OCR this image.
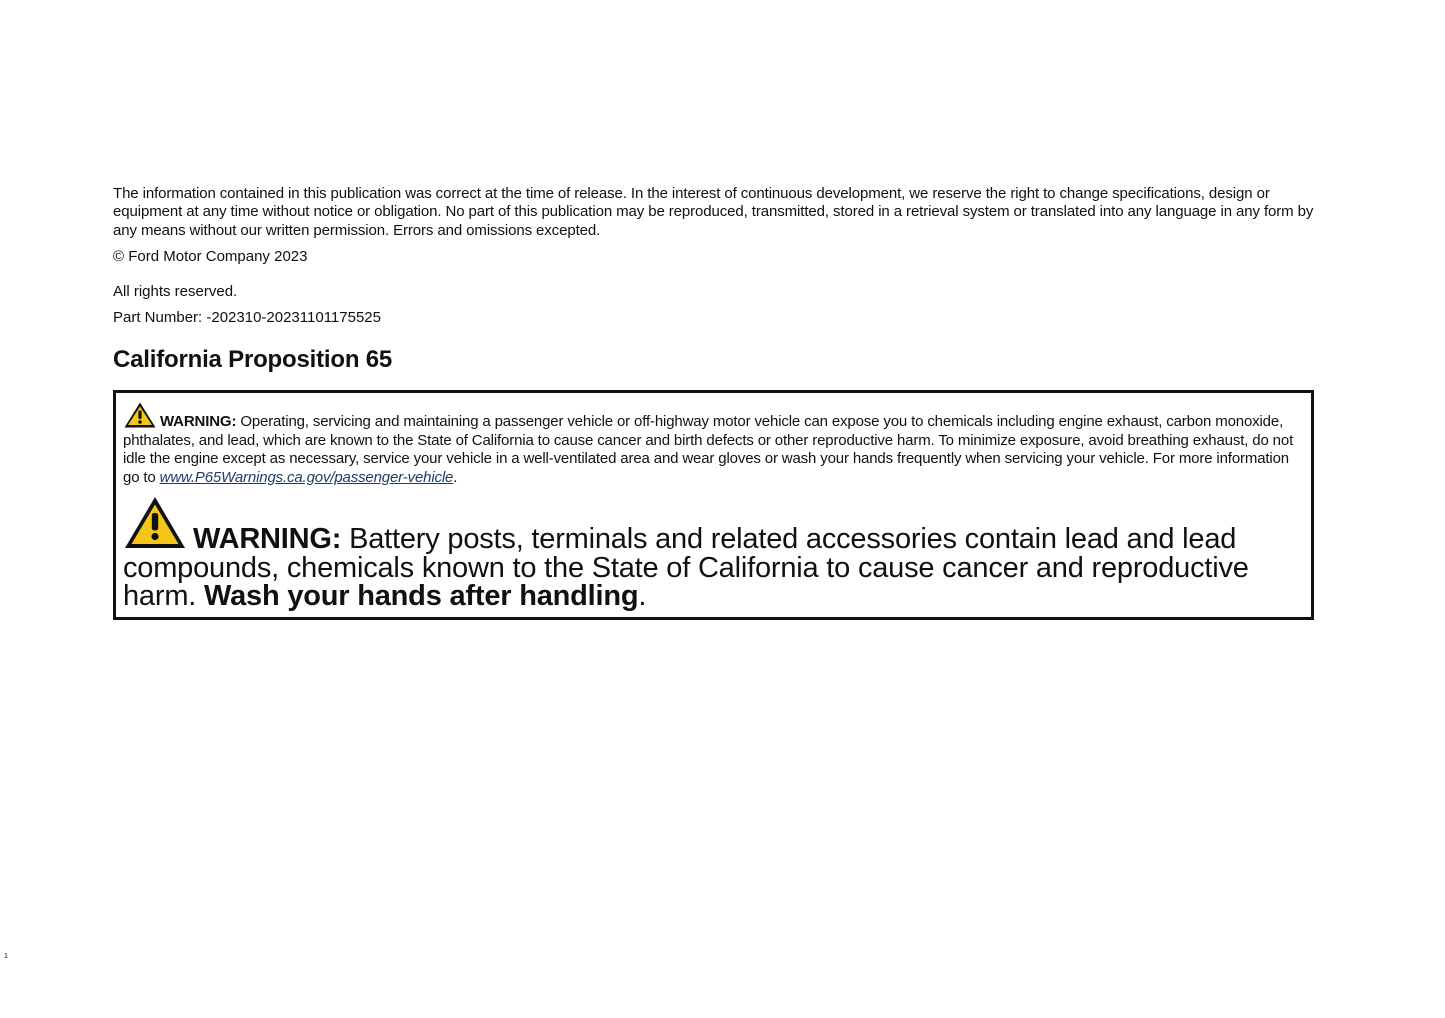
The information contained in this publication was correct at the time of release. In the interest of continuous development, we reserve the right to change specifications, design or equipment at any time without notice or obligation. No part of this publication may be reproduced, transmitted, stored in a retrieval system or translated into any language in any form by any means without our written permission. Errors and omissions excepted.

© Ford Motor Company 2023

All rights reserved.

Part Number: -202310-20231101175525

California Proposition 65
WARNING: Operating, servicing and maintaining a passenger vehicle or off-highway motor vehicle can expose you to chemicals including engine exhaust, carbon monoxide, phthalates, and lead, which are known to the State of California to cause cancer and birth defects or other reproductive harm. To minimize exposure, avoid breathing exhaust, do not idle the engine except as necessary, service your vehicle in a well-ventilated area and wear gloves or wash your hands frequently when servicing your vehicle. For more information go to www.P65Warnings.ca.gov/passenger-vehicle.
WARNING: Battery posts, terminals and related accessories contain lead and lead compounds, chemicals known to the State of California to cause cancer and reproductive harm. Wash your hands after handling.
1
